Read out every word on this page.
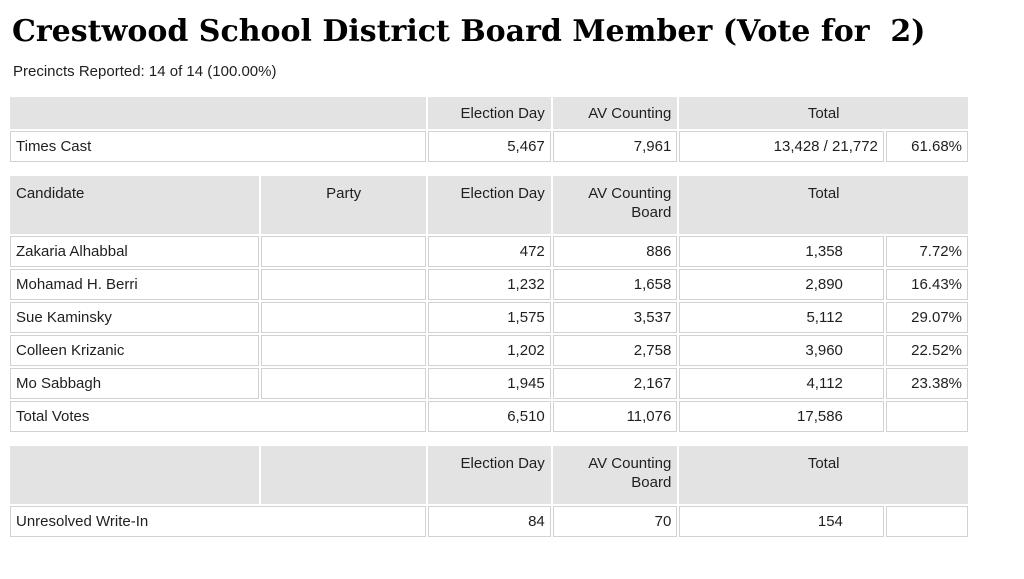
Crestwood School District Board Member (Vote for  2)
Precincts Reported: 14 of 14 (100.00%)
	Election Day	AV Counting	Total	
Times Cast	5,467	7,961	13,428 / 21,772	61.68%
Candidate	Party	Election Day	AV Counting Board	Total	
Zakaria Alhabbal		472	886	1,358	7.72%
Mohamad H. Berri		1,232	1,658	2,890	16.43%
Sue Kaminsky		1,575	3,537	5,112	29.07%
Colleen Krizanic		1,202	2,758	3,960	22.52%
Mo Sabbagh		1,945	2,167	4,112	23.38%
Total Votes		6,510	11,076	17,586	
		Election Day	AV Counting Board	Total	
Unresolved Write-In		84	70	154	
